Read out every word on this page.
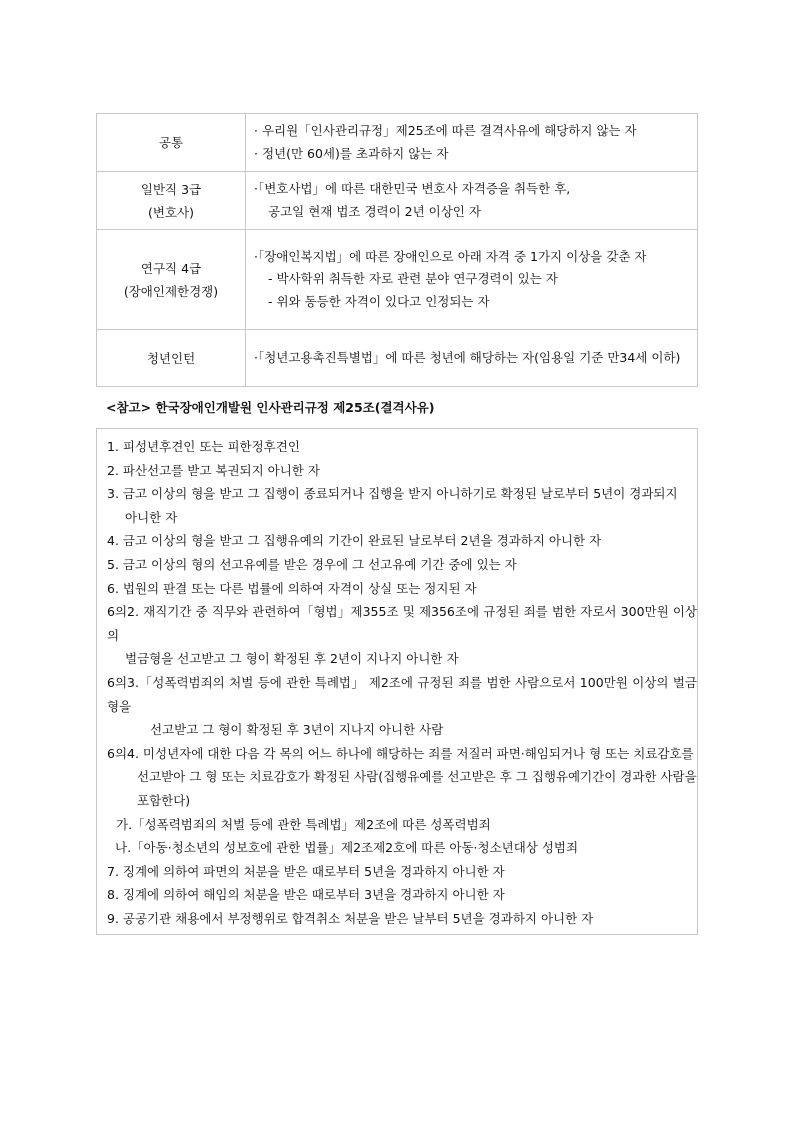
공통	· 우리원「인사관리규정」제25조에 따른 결격사유에 해당하지 않는 자
· 정년(만 60세)를 초과하지 않는 자

일반직 3급
(변호사)	·「변호사법」에 따른 대한민국 변호사 자격증을 취득한 후,
공고일 현재 법조 경력이 2년 이상인 자

연구직 4급
(장애인제한경쟁)	·「장애인복지법」에 따른 장애인으로 아래 자격 중 1가지 이상을 갖춘 자
- 박사학위 취득한 자로 관련 분야 연구경력이 있는 자
- 위와 동등한 자격이 있다고 인정되는 자

청년인턴	·「청년고용촉진특별법」에 따른 청년에 해당하는 자(임용일 기준 만34세 이하)
<참고> 한국장애인개발원 인사관리규정 제25조(결격사유)
1. 피성년후견인 또는 피한정후견인
2. 파산선고를 받고 복권되지 아니한 자
3. 금고 이상의 형을 받고 그 집행이 종료되거나 집행을 받지 아니하기로 확정된 날로부터 5년이 경과되지
아니한 자
4. 금고 이상의 형을 받고 그 집행유예의 기간이 완료된 날로부터 2년을 경과하지 아니한 자
5. 금고 이상의 형의 선고유예를 받은 경우에 그 선고유예 기간 중에 있는 자
6. 법원의 판결 또는 다른 법률에 의하여 자격이 상실 또는 정지된 자
6의2. 재직기간 중 직무와 관련하여「형법」제355조 및 제356조에 규정된 죄를 범한 자로서 300만원 이상의
벌금형을 선고받고 그 형이 확정된 후 2년이 지나지 아니한 자
6의3.「성폭력범죄의 처벌 등에 관한 특례법」 제2조에 규정된 죄를 범한 사람으로서 100만원 이상의 벌금형을
선고받고 그 형이 확정된 후 3년이 지나지 아니한 사람
6의4. 미성년자에 대한 다음 각 목의 어느 하나에 해당하는 죄를 저질러 파면·해임되거나 형 또는 치료감호를
선고받아 그 형 또는 치료감호가 확정된 사람(집행유예를 선고받은 후 그 집행유예기간이 경과한 사람을
포함한다)
가.「성폭력범죄의 처벌 등에 관한 특례법」제2조에 따른 성폭력범죄
나.「아동·청소년의 성보호에 관한 법률」제2조제2호에 따른 아동·청소년대상 성범죄
7. 징계에 의하여 파면의 처분을 받은 때로부터 5년을 경과하지 아니한 자
8. 징계에 의하여 해임의 처분을 받은 때로부터 3년을 경과하지 아니한 자
9. 공공기관 채용에서 부정행위로 합격취소 처분을 받은 날부터 5년을 경과하지 아니한 자
